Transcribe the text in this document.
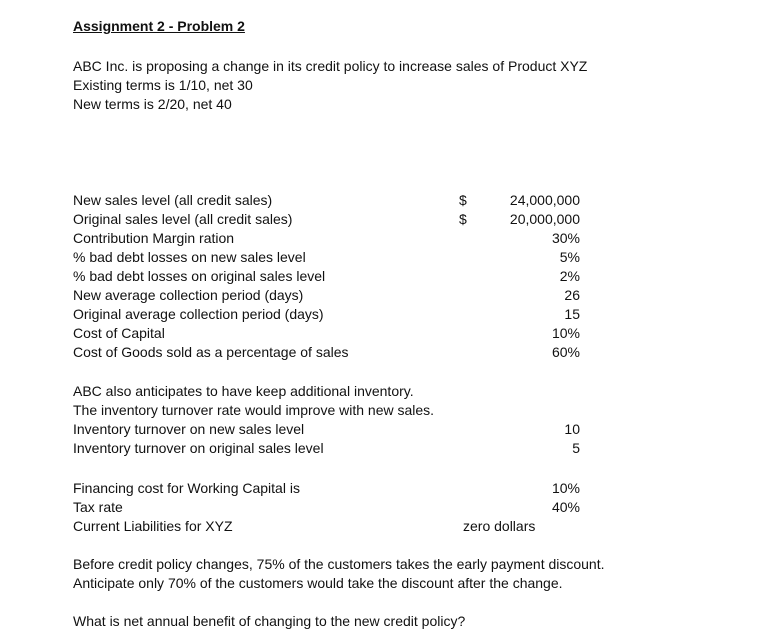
Assignment 2 - Problem 2
ABC Inc. is proposing a change in its credit policy to increase sales of Product XYZ
Existing terms is 1/10, net 30
New terms is 2/20, net 40
New sales level (all credit sales)	$	24,000,000
Original sales level (all credit sales)	$	20,000,000
Contribution Margin ration	30%
% bad debt losses on new sales level	5%
% bad debt losses on original sales level	2%
New average collection period (days)	26
Original average collection period (days)	15
Cost of Capital	10%
Cost of Goods sold as a percentage of sales	60%
ABC also anticipates to have keep additional inventory.
The inventory turnover rate would improve with new sales.
Inventory turnover on new sales level	10
Inventory turnover on original sales level	5
Financing cost for Working Capital is	10%
Tax rate	40%
Current Liabilities for XYZ	zero dollars
Before credit policy changes, 75% of the customers takes the early payment discount.
Anticipate only 70% of the customers would take the discount after the change.
What is net annual benefit of changing to the new credit policy?
